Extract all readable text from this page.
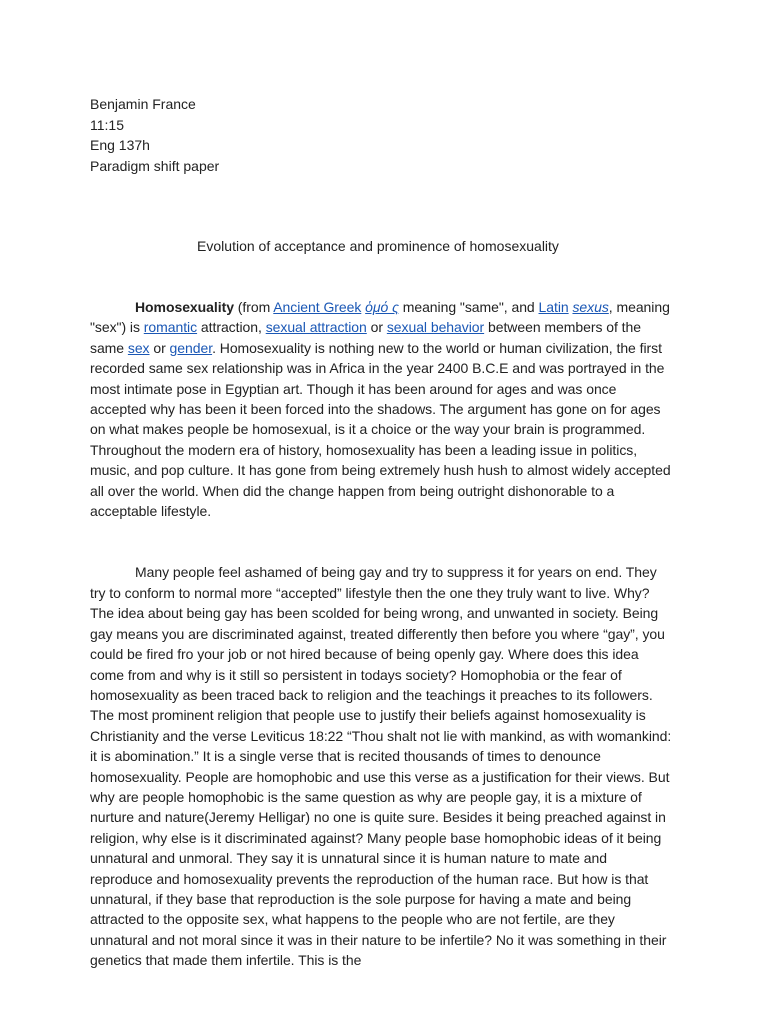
Benjamin France
11:15
Eng 137h
Paradigm shift paper
Evolution of acceptance and prominence of homosexuality

Homosexuality (from Ancient Greek ὁμό ς meaning "same", and Latin sexus, meaning "sex") is romantic attraction, sexual attraction or sexual behavior between members of the same sex or gender. Homosexuality is nothing new to the world or human civilization, the first recorded same sex relationship was in Africa in the year 2400 B.C.E and was portrayed in the most intimate pose in Egyptian art. Though it has been around for ages and was once accepted why has been it been forced into the shadows. The argument has gone on for ages on what makes people be homosexual, is it a choice or the way your brain is programmed. Throughout the modern era of history, homosexuality has been a leading issue in politics, music, and pop culture. It has gone from being extremely hush hush to almost widely accepted all over the world. When did the change happen from being outright dishonorable to a acceptable lifestyle.

Many people feel ashamed of being gay and try to suppress it for years on end. They try to conform to normal more “accepted” lifestyle then the one they truly want to live. Why? The idea about being gay has been scolded for being wrong, and unwanted in society. Being gay means you are discriminated against, treated differently then before you where “gay”, you could be fired fro your job or not hired because of being openly gay. Where does this idea come from and why is it still so persistent in todays society? Homophobia or the fear of homosexuality as been traced back to religion and the teachings it preaches to its followers. The most prominent religion that people use to justify their beliefs against homosexuality is Christianity and the verse Leviticus 18:22 “Thou shalt not lie with mankind, as with womankind: it is abomination.” It is a single verse that is recited thousands of times to denounce homosexuality. People are homophobic and use this verse as a justification for their views. But why are people homophobic is the same question as why are people gay, it is a mixture of nurture and nature(Jeremy Helligar) no one is quite sure. Besides it being preached against in religion, why else is it discriminated against? Many people base homophobic ideas of it being unnatural and unmoral. They say it is unnatural since it is human nature to mate and reproduce and homosexuality prevents the reproduction of the human race. But how is that unnatural, if they base that reproduction is the sole purpose for having a mate and being attracted to the opposite sex, what happens to the people who are not fertile, are they unnatural and not moral since it was in their nature to be infertile? No it was something in their genetics that made them infertile. This is the
